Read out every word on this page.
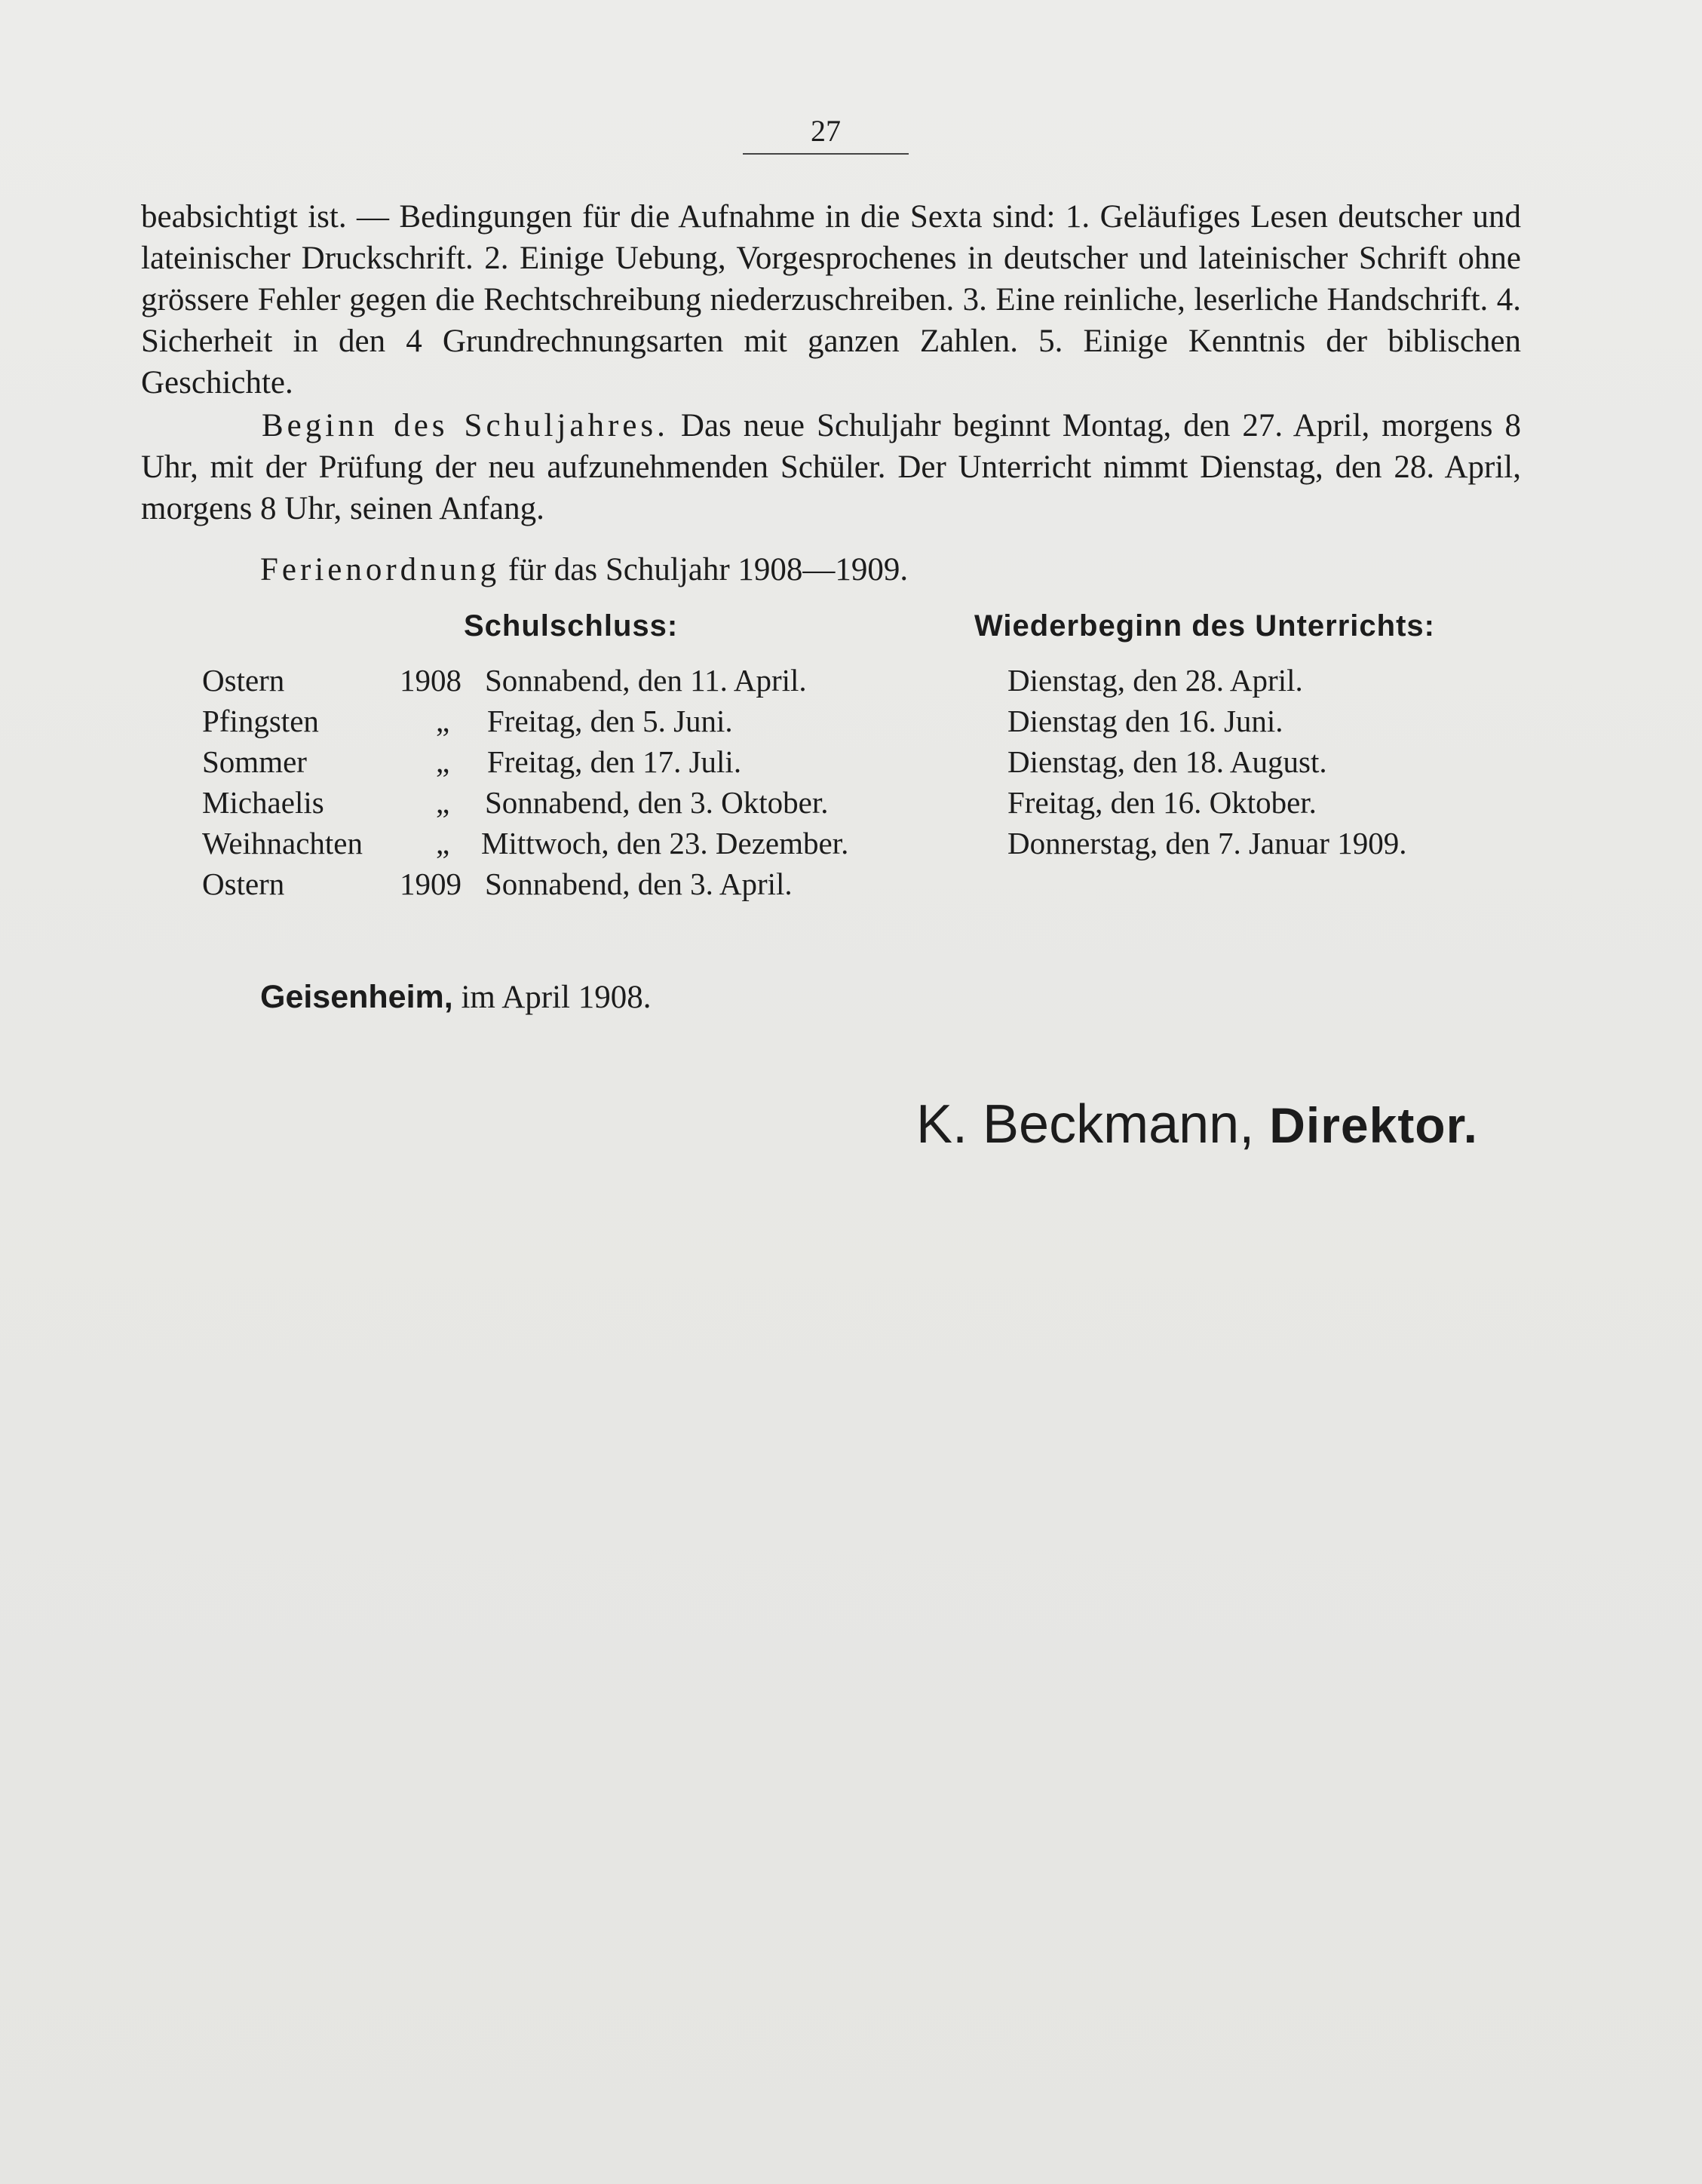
27
beabsichtigt ist. — Bedingungen für die Aufnahme in die Sexta sind: 1. Geläufiges Lesen deutscher und lateinischer Druckschrift. 2. Einige Uebung, Vorgesprochenes in deutscher und lateinischer Schrift ohne grössere Fehler gegen die Rechtschreibung niederzuschreiben. 3. Eine reinliche, leserliche Handschrift. 4. Sicherheit in den 4 Grundrechnungsarten mit ganzen Zahlen. 5. Einige Kenntnis der biblischen Geschichte.
Beginn des Schuljahres. Das neue Schuljahr beginnt Montag, den 27. April, morgens 8 Uhr, mit der Prüfung der neu aufzunehmenden Schüler. Der Unterricht nimmt Dienstag, den 28. April, morgens 8 Uhr, seinen Anfang.
Ferienordnung für das Schuljahr 1908—1909.
Schulschluss:	Wiederbeginn des Unterrichts:
Ostern	1908 Sonnabend, den 11. April.	Dienstag, den 28. April.
Pfingsten	„ Freitag, den 5. Juni.	Dienstag den 16. Juni.
Sommer	„ Freitag, den 17. Juli.	Dienstag, den 18. August.
Michaelis	„ Sonnabend, den 3. Oktober.	Freitag, den 16. Oktober.
Weihnachten „ Mittwoch, den 23. Dezember.	Donnerstag, den 7. Januar 1909.
Ostern	1909 Sonnabend, den 3. April.
Geisenheim, im April 1908.
K. Beckmann, Direktor.
